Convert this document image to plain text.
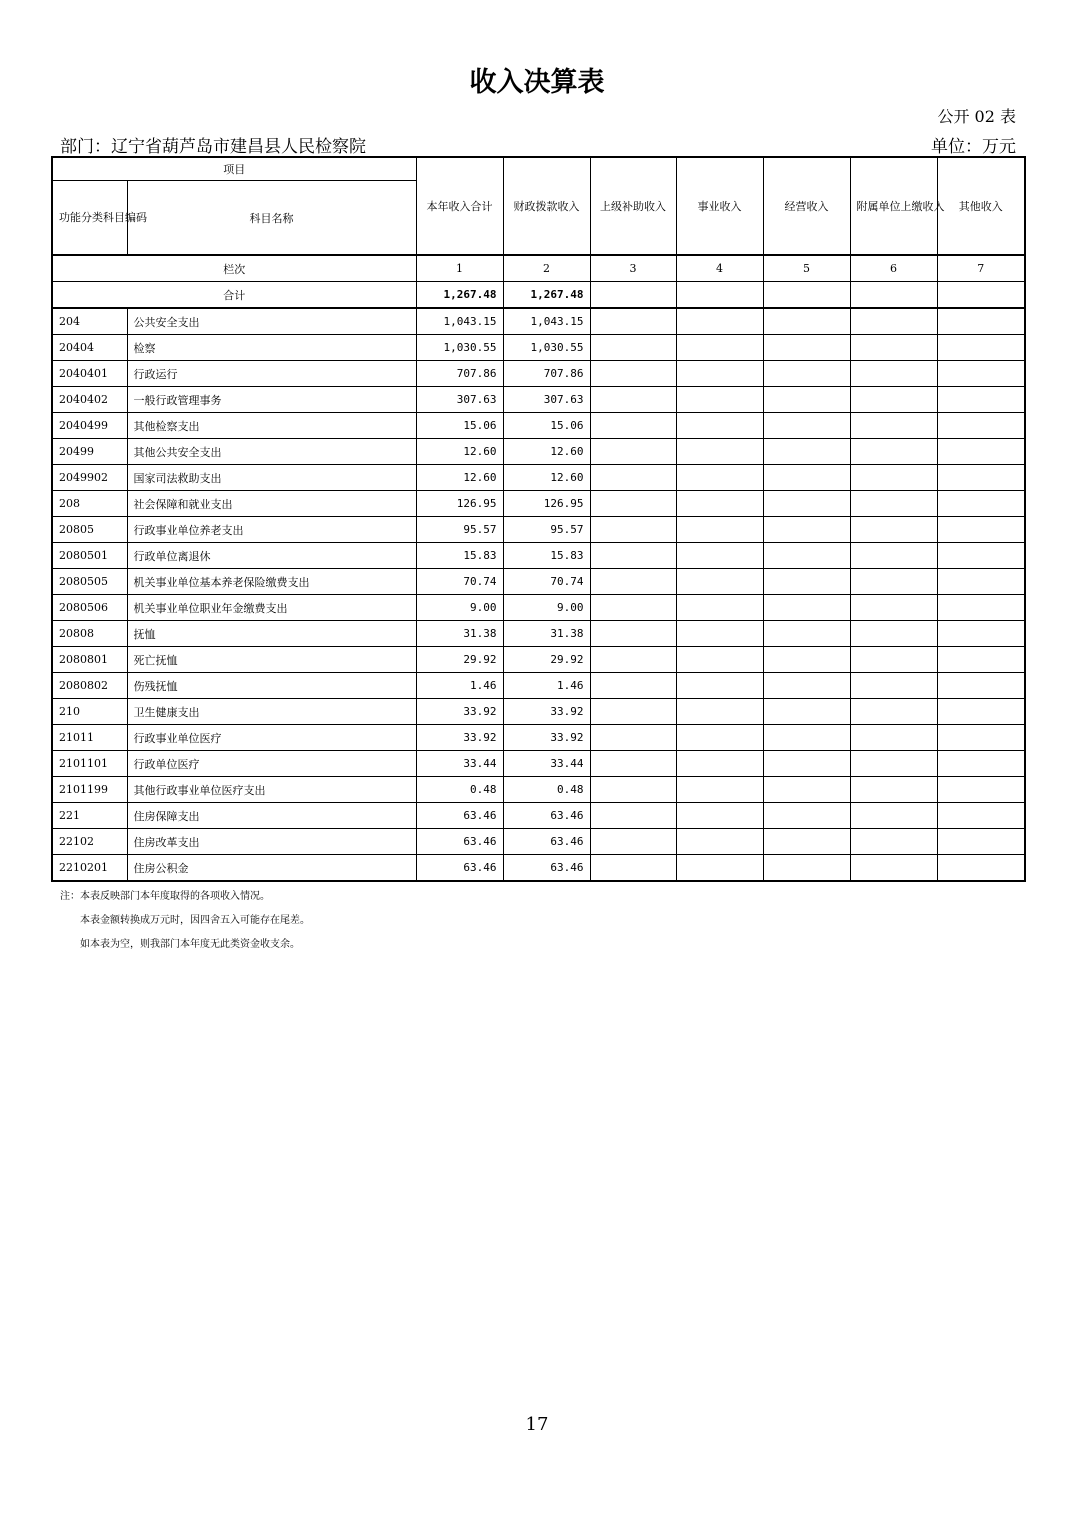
收入决算表
公开 02 表
部门：辽宁省葫芦岛市建昌县人民检察院	单位：万元
项目		本年收入合计	财政拨款收入	上级补助收入	事业收入	经营收入	附属单位上缴收入	其他收入
功能分类科目编码	科目名称							
栏次		1	2	3	4	5	6	7
合计		1,267.48	1,267.48					
204	公共安全支出	1,043.15	1,043.15					
20404	检察	1,030.55	1,030.55					
2040401	行政运行	707.86	707.86					
2040402	一般行政管理事务	307.63	307.63					
2040499	其他检察支出	15.06	15.06					
20499	其他公共安全支出	12.60	12.60					
2049902	国家司法救助支出	12.60	12.60					
208	社会保障和就业支出	126.95	126.95					
20805	行政事业单位养老支出	95.57	95.57					
2080501	行政单位离退休	15.83	15.83					
2080505	机关事业单位基本养老保险缴费支出	70.74	70.74					
2080506	机关事业单位职业年金缴费支出	9.00	9.00					
20808	抚恤	31.38	31.38					
2080801	死亡抚恤	29.92	29.92					
2080802	伤残抚恤	1.46	1.46					
210	卫生健康支出	33.92	33.92					
21011	行政事业单位医疗	33.92	33.92					
2101101	行政单位医疗	33.44	33.44					
2101199	其他行政事业单位医疗支出	0.48	0.48					
221	住房保障支出	63.46	63.46					
22102	住房改革支出	63.46	63.46					
2210201	住房公积金	63.46	63.46					
注：本表反映部门本年度取得的各项收入情况。
本表金额转换成万元时，因四舍五入可能存在尾差。
如本表为空，则我部门本年度无此类资金收支余。
17
